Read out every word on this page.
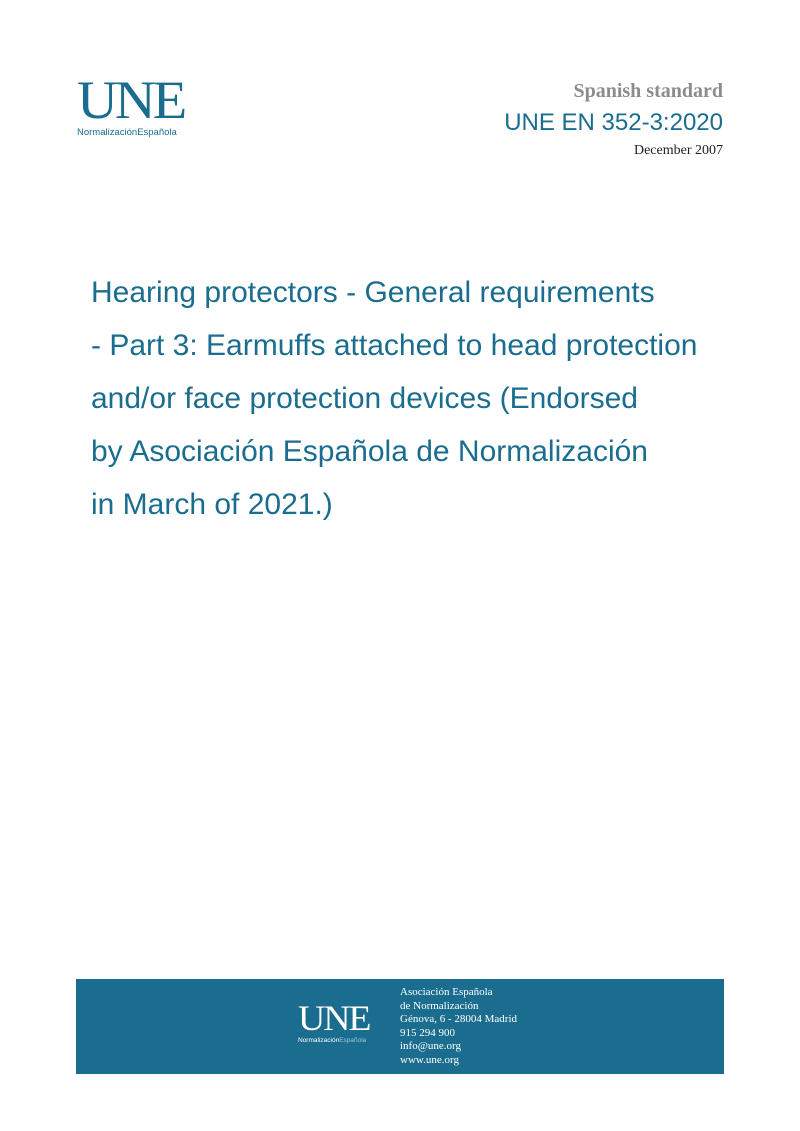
UNE
NormalizaciónEspañola
Spanish standard
UNE EN 352-3:2020
December 2007
Hearing protectors - General requirements
- Part 3: Earmuffs attached to head protection
and/or face protection devices (Endorsed
by Asociación Española de Normalización
in March of 2021.)
UNE
NormalizaciónEspañola
Asociación Española
de Normalización
Génova, 6 - 28004 Madrid
915 294 900
info@une.org
www.une.org
